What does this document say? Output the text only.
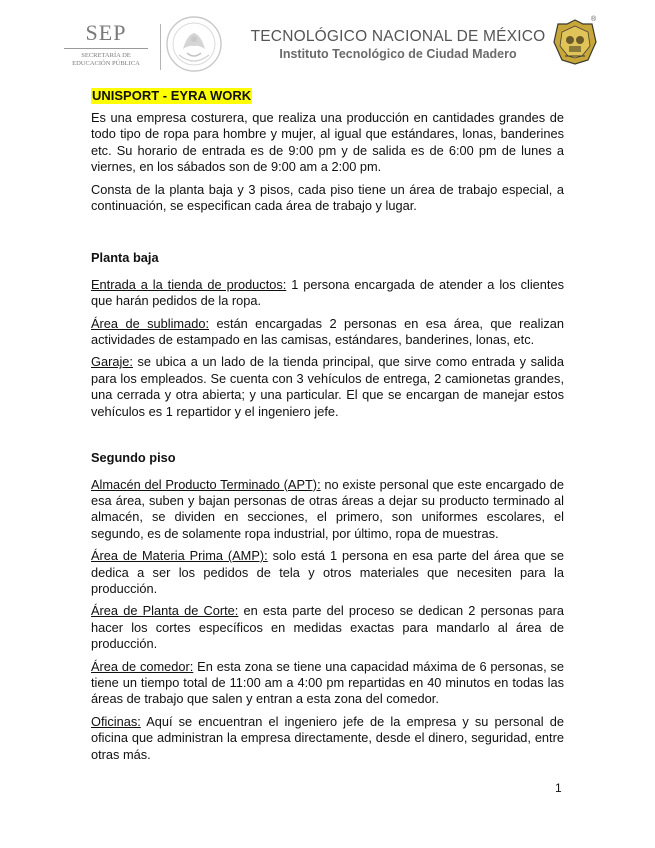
SEP
SECRETARÍA DE
EDUCACIÓN PÚBLICA
TECNOLÓGICO NACIONAL DE MÉXICO
Instituto Tecnológico de Ciudad Madero
®
UNISPORT - EYRA WORK

Es una empresa costurera, que realiza una producción en cantidades grandes de todo tipo de ropa para hombre y mujer, al igual que estándares, lonas, banderines etc. Su horario de entrada es de 9:00 pm y de salida es de 6:00 pm de lunes a viernes, en los sábados son de 9:00 am a 2:00 pm.

Consta de la planta baja y 3 pisos, cada piso tiene un área de trabajo especial, a continuación, se especifican cada área de trabajo y lugar.

Planta baja

Entrada a la tienda de productos: 1 persona encargada de atender a los clientes que harán pedidos de la ropa.

Área de sublimado: están encargadas 2 personas en esa área, que realizan actividades de estampado en las camisas, estándares, banderines, lonas, etc.

Garaje: se ubica a un lado de la tienda principal, que sirve como entrada y salida para los empleados. Se cuenta con 3 vehículos de entrega, 2 camionetas grandes, una cerrada y otra abierta; y una particular. El que se encargan de manejar estos vehículos es 1 repartidor y el ingeniero jefe.

Segundo piso

Almacén del Producto Terminado (APT): no existe personal que este encargado de esa área, suben y bajan personas de otras áreas a dejar su producto terminado al almacén, se dividen en secciones, el primero, son uniformes escolares, el segundo, es de solamente ropa industrial, por último, ropa de muestras.

Área de Materia Prima (AMP): solo está 1 persona en esa parte del área que se dedica a ser los pedidos de tela y otros materiales que necesiten para la producción.

Área de Planta de Corte: en esta parte del proceso se dedican 2 personas para hacer los cortes específicos en medidas exactas para mandarlo al área de producción.

Área de comedor: En esta zona se tiene una capacidad máxima de 6 personas, se tiene un tiempo total de 11:00 am a 4:00 pm repartidas en 40 minutos en todas las áreas de trabajo que salen y entran a esta zona del comedor.

Oficinas: Aquí se encuentran el ingeniero jefe de la empresa y su personal de oficina que administran la empresa directamente, desde el dinero, seguridad, entre otras más.

1
